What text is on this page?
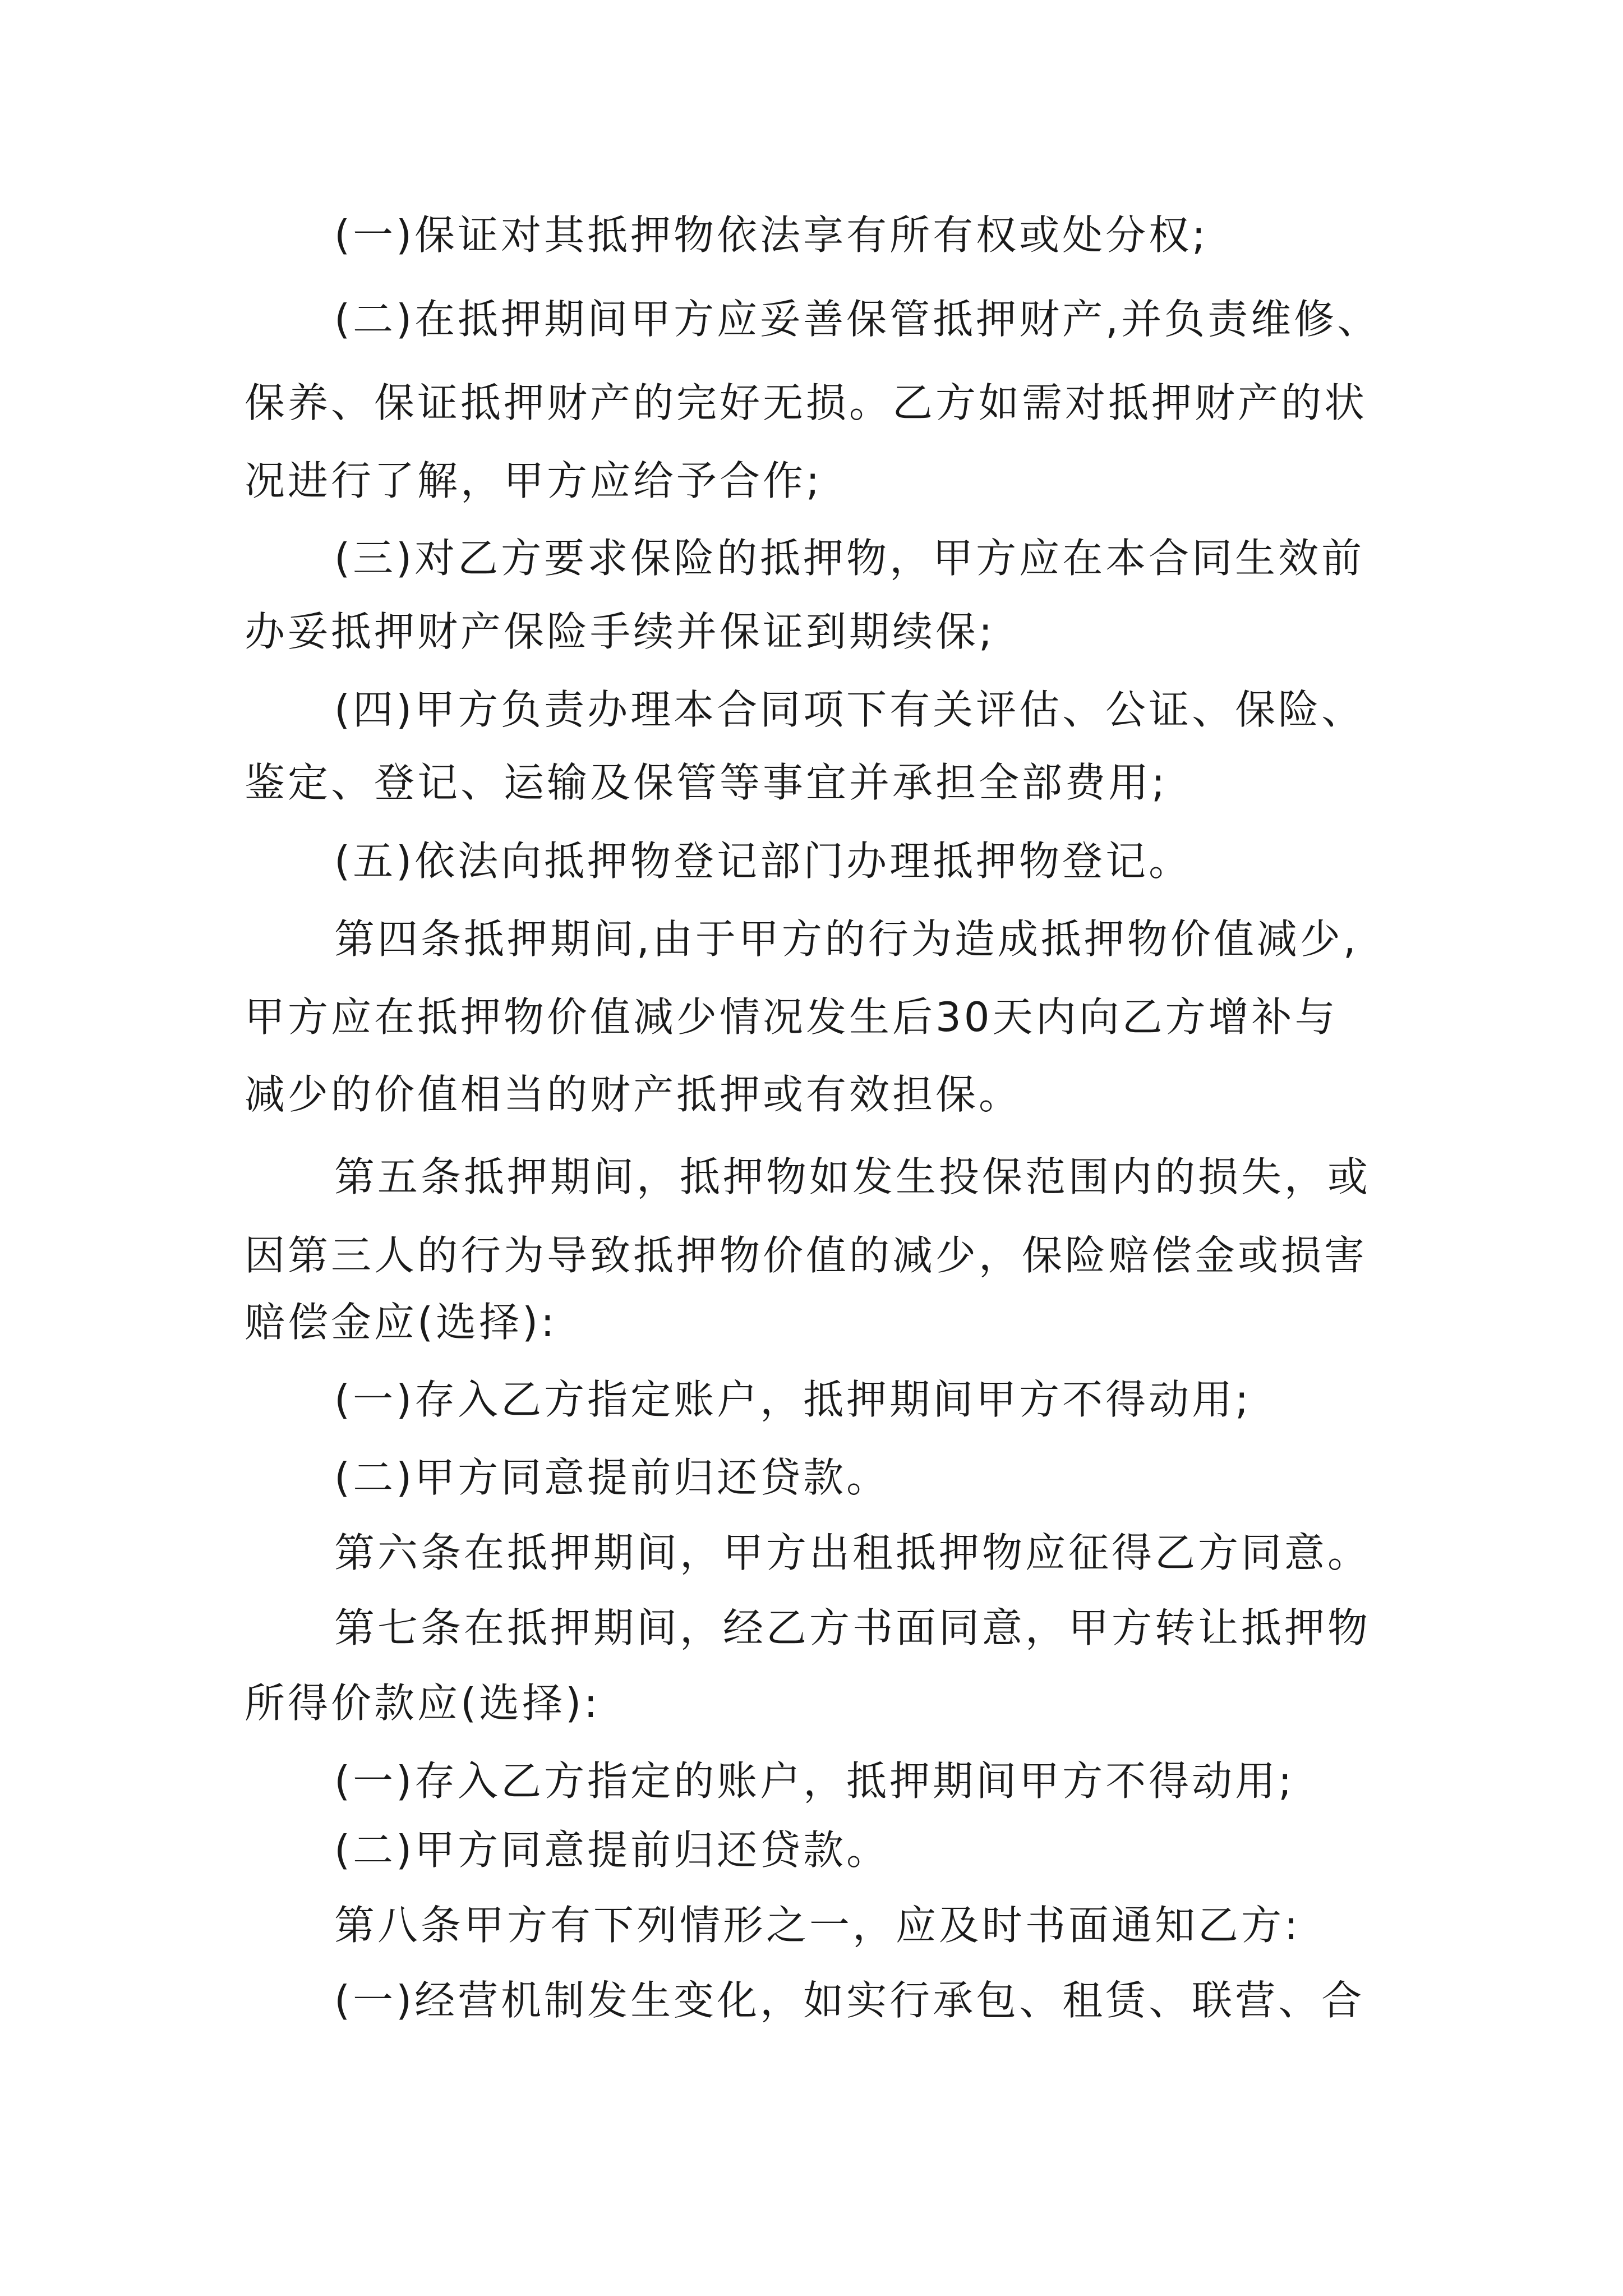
(一)保证对其抵押物依法享有所有权或处分权;
(二)在抵押期间甲方应妥善保管抵押财产,并负责维修、
保养、保证抵押财产的完好无损。乙方如需对抵押财产的状
况进行了解，甲方应给予合作;
(三)对乙方要求保险的抵押物，甲方应在本合同生效前
办妥抵押财产保险手续并保证到期续保;
(四)甲方负责办理本合同项下有关评估、公证、保险、
鉴定、登记、运输及保管等事宜并承担全部费用;
(五)依法向抵押物登记部门办理抵押物登记。
第四条抵押期间,由于甲方的行为造成抵押物价值减少,
甲方应在抵押物价值减少情况发生后30天内向乙方增补与
减少的价值相当的财产抵押或有效担保。
第五条抵押期间，抵押物如发生投保范围内的损失，或
因第三人的行为导致抵押物价值的减少，保险赔偿金或损害
赔偿金应(选择):
(一)存入乙方指定账户，抵押期间甲方不得动用;
(二)甲方同意提前归还贷款。
第六条在抵押期间，甲方出租抵押物应征得乙方同意。
第七条在抵押期间，经乙方书面同意，甲方转让抵押物
所得价款应(选择):
(一)存入乙方指定的账户，抵押期间甲方不得动用;
(二)甲方同意提前归还贷款。
第八条甲方有下列情形之一，应及时书面通知乙方:
(一)经营机制发生变化，如实行承包、租赁、联营、合
